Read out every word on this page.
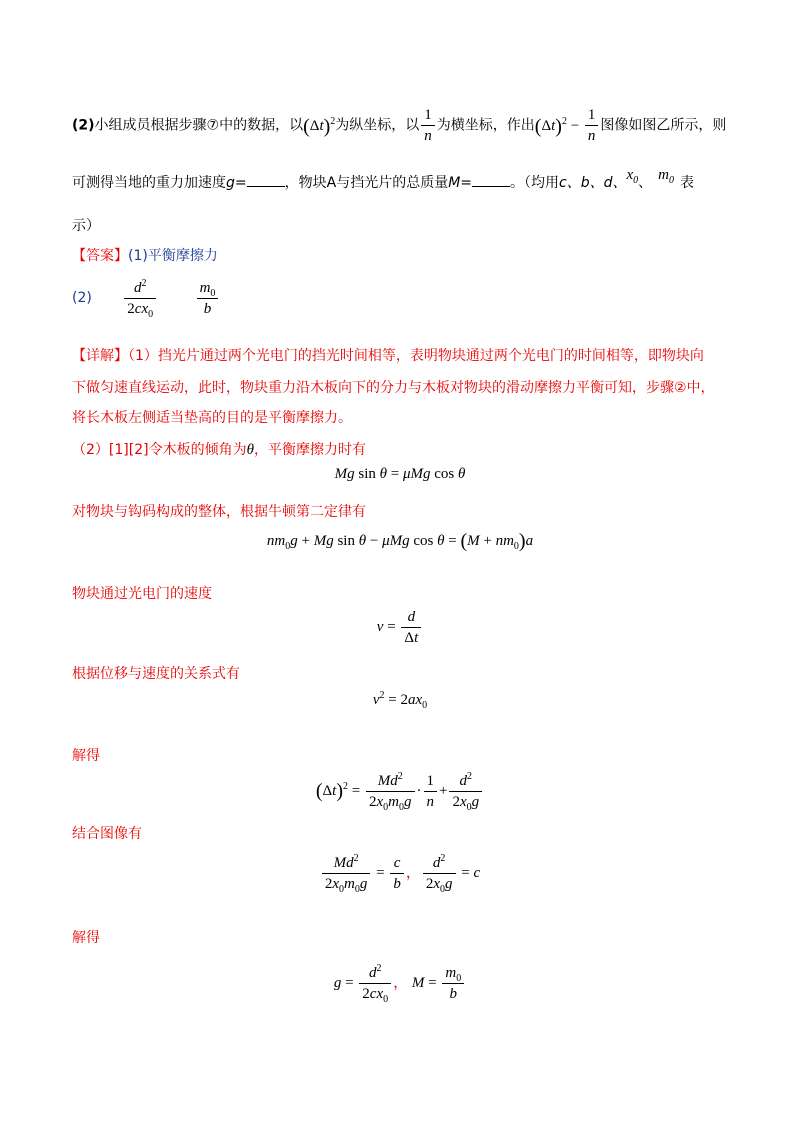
(2)小组成员根据步骤⑦中的数据，以$(\Delta t)^2$为纵坐标，以 $\frac{1}{n}$ 为横坐标，作出$(\Delta t)^2 - \frac{1}{n}$ 图像如图乙所示，则
可测得当地的重力加速度g=	，物块A与挡光片的总质量M=	。（均用c、b、d、$x_0$、 $m_0$ 表
示）
【答案】(1)平衡摩擦力
$(2) \frac{d^2}{2cx_0}$
	$\frac{m_0}{b}$
【详解】（1）挡光片通过两个光电门的挡光时间相等，表明物块通过两个光电门的时间相等，即物块向
下做匀速直线运动，此时，物块重力沿木板向下的分力与木板对物块的滑动摩擦力平衡可知，步骤②中，
将长木板左侧适当垫高的目的是平衡摩擦力。
（2）[1][2]令木板的倾角为θ，平衡摩擦力时有
Mg sin θ = μMg cos θ
对物块与钩码构成的整体，根据牛顿第二定律有
$nm_0g + Mg$ sin θ − μMg $\cos \theta = (M + nm_0)a$
物块通过光电门的速度
$v = \frac{d}{\Delta t}$
根据位移与速度的关系式有
$v^2 = 2ax_0$
解得
$(\Delta t)^2 = \frac{Md^2}{2x_0m_0g} \cdot \frac{1}{n} + \frac{d^2}{2x_0g}$
结合图像有
$\frac{Md^2}{2x_0m_0g} = \frac{c}{b}$ ， $\frac{d^2}{2x_0g} = c$
解得
$g = \frac{d^2}{2cx_0}$ ， $M = \frac{m_0}{b}$
